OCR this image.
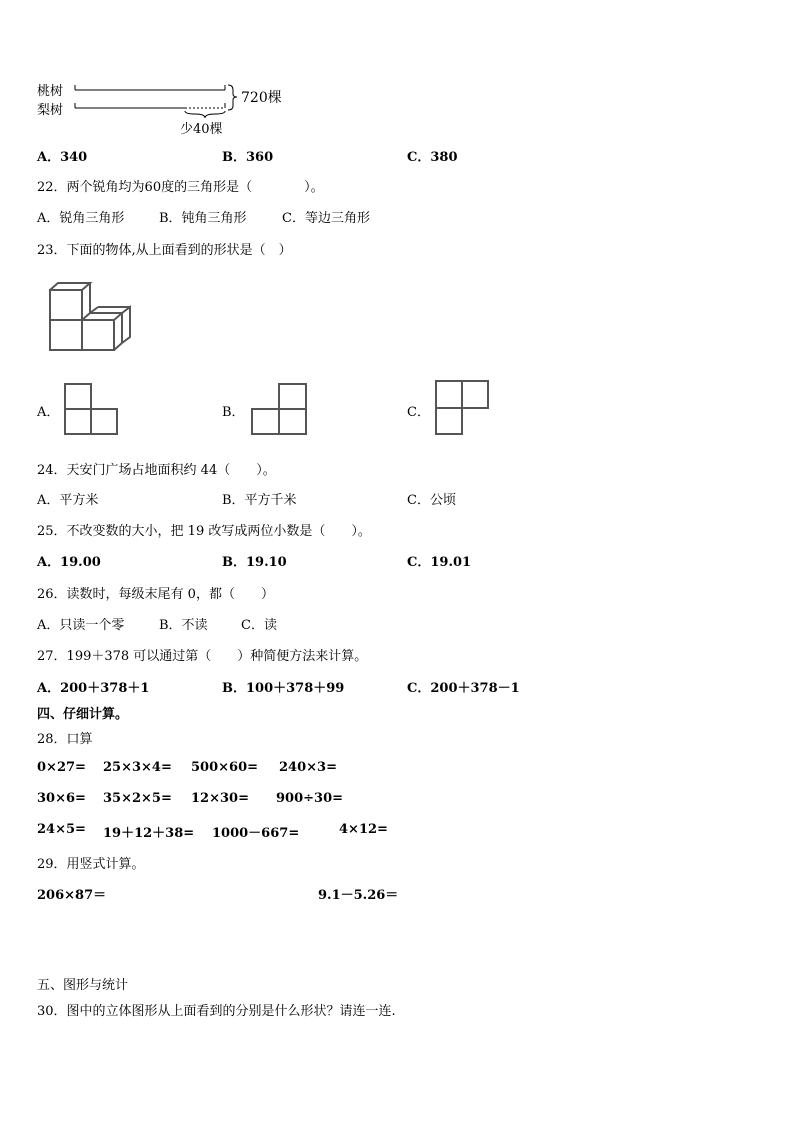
桃树
梨树
720棵
少40棵
A．340	B．360	C．380
22．两个锐角均为60度的三角形是（　　　　）。
A．锐角三角形	B．钝角三角形	C．等边三角形
23．下面的物体,从上面看到的形状是（　）
A．	B．	C．
24．天安门广场占地面积约 44（　　）。
A．平方米	B．平方千米	C．公顷
25．不改变数的大小，把 19 改写成两位小数是（　　）。
A．19.00	B．19.10	C．19.01
26．读数时，每级末尾有 0，都（　　）
A．只读一个零	B．不读	C．读
27．199＋378 可以通过第（　　）种简便方法来计算。
A．200＋378＋1	B．100＋378＋99	C．200＋378－1
四、仔细计算。
28．口算
0×27= 25×3×4= 500×60= 240×3=
30×6= 35×2×5= 12×30= 900÷30=
24×5= 19＋12＋38= 1000－667=	4×12=
29．用竖式计算。
206×87＝	9.1－5.26＝
五、图形与统计
30．图中的立体图形从上面看到的分别是什么形状？请连一连.
